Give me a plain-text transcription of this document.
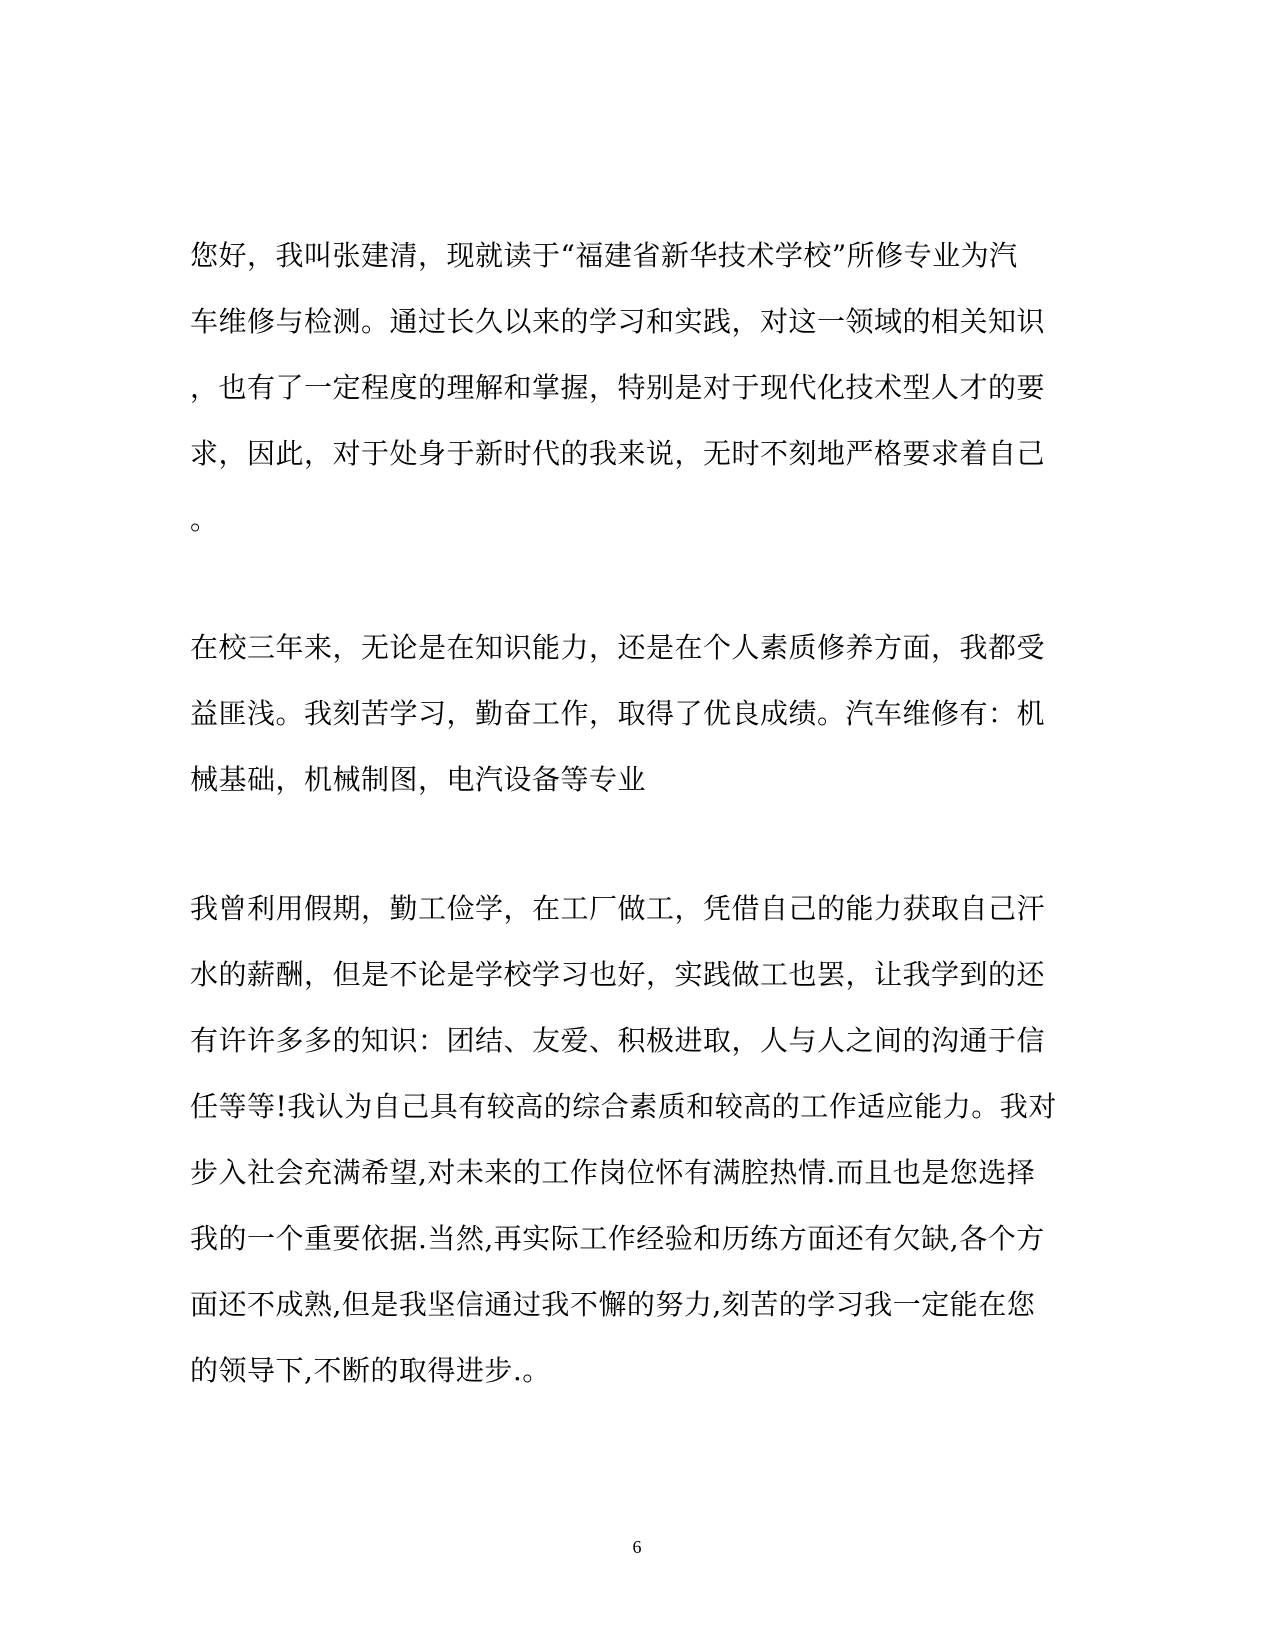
您好，我叫张建清，现就读于“福建省新华技术学校”所修专业为汽
车维修与检测。通过长久以来的学习和实践，对这一领域的相关知识
，也有了一定程度的理解和掌握，特别是对于现代化技术型人才的要
求，因此，对于处身于新时代的我来说，无时不刻地严格要求着自己
。
在校三年来，无论是在知识能力，还是在个人素质修养方面，我都受
益匪浅。我刻苦学习，勤奋工作，取得了优良成绩。汽车维修有：机
械基础，机械制图，电汽设备等专业
我曾利用假期，勤工俭学，在工厂做工，凭借自己的能力获取自己汗
水的薪酬，但是不论是学校学习也好，实践做工也罢，让我学到的还
有许许多多的知识：团结、友爱、积极进取，人与人之间的沟通于信
任等等!我认为自己具有较高的综合素质和较高的工作适应能力。我对
步入社会充满希望,对未来的工作岗位怀有满腔热情.而且也是您选择
我的一个重要依据.当然,再实际工作经验和历练方面还有欠缺,各个方
面还不成熟,但是我坚信通过我不懈的努力,刻苦的学习我一定能在您
的领导下,不断的取得进步.。
6
